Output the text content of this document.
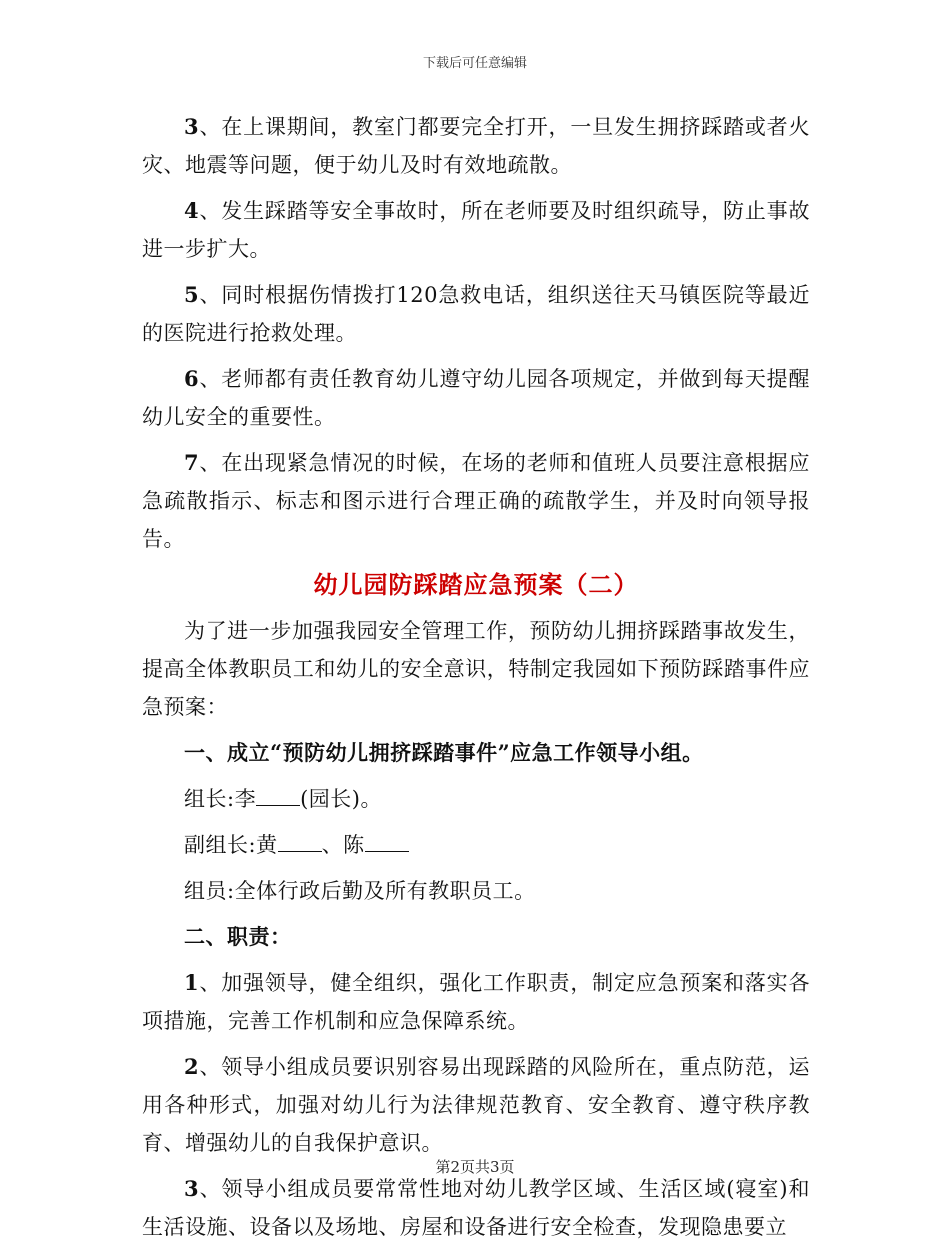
下载后可任意编辑

3、在上课期间，教室门都要完全打开，一旦发生拥挤踩踏或者火灾、地震等问题，便于幼儿及时有效地疏散。

4、发生踩踏等安全事故时，所在老师要及时组织疏导，防止事故进一步扩大。

5、同时根据伤情拨打120急救电话，组织送往天马镇医院等最近的医院进行抢救处理。

6、老师都有责任教育幼儿遵守幼儿园各项规定，并做到每天提醒幼儿安全的重要性。

7、在出现紧急情况的时候，在场的老师和值班人员要注意根据应急疏散指示、标志和图示进行合理正确的疏散学生，并及时向领导报告。

幼儿园防踩踏应急预案（二）

为了进一步加强我园安全管理工作，预防幼儿拥挤踩踏事故发生，提高全体教职员工和幼儿的安全意识，特制定我园如下预防踩踏事件应急预案：

一、成立“预防幼儿拥挤踩踏事件”应急工作领导小组。

组长:李 (园长)。

副组长:黄 、陈

组员:全体行政后勤及所有教职员工。

二、职责：

1、加强领导，健全组织，强化工作职责，制定应急预案和落实各项措施，完善工作机制和应急保障系统。

2、领导小组成员要识别容易出现踩踏的风险所在，重点防范，运用各种形式，加强对幼儿行为法律规范教育、安全教育、遵守秩序教育、增强幼儿的自我保护意识。

3、领导小组成员要常常性地对幼儿教学区域、生活区域(寝室)和生活设施、设备以及场地、房屋和设备进行安全检查，发现隐患要立

第2页共3页
